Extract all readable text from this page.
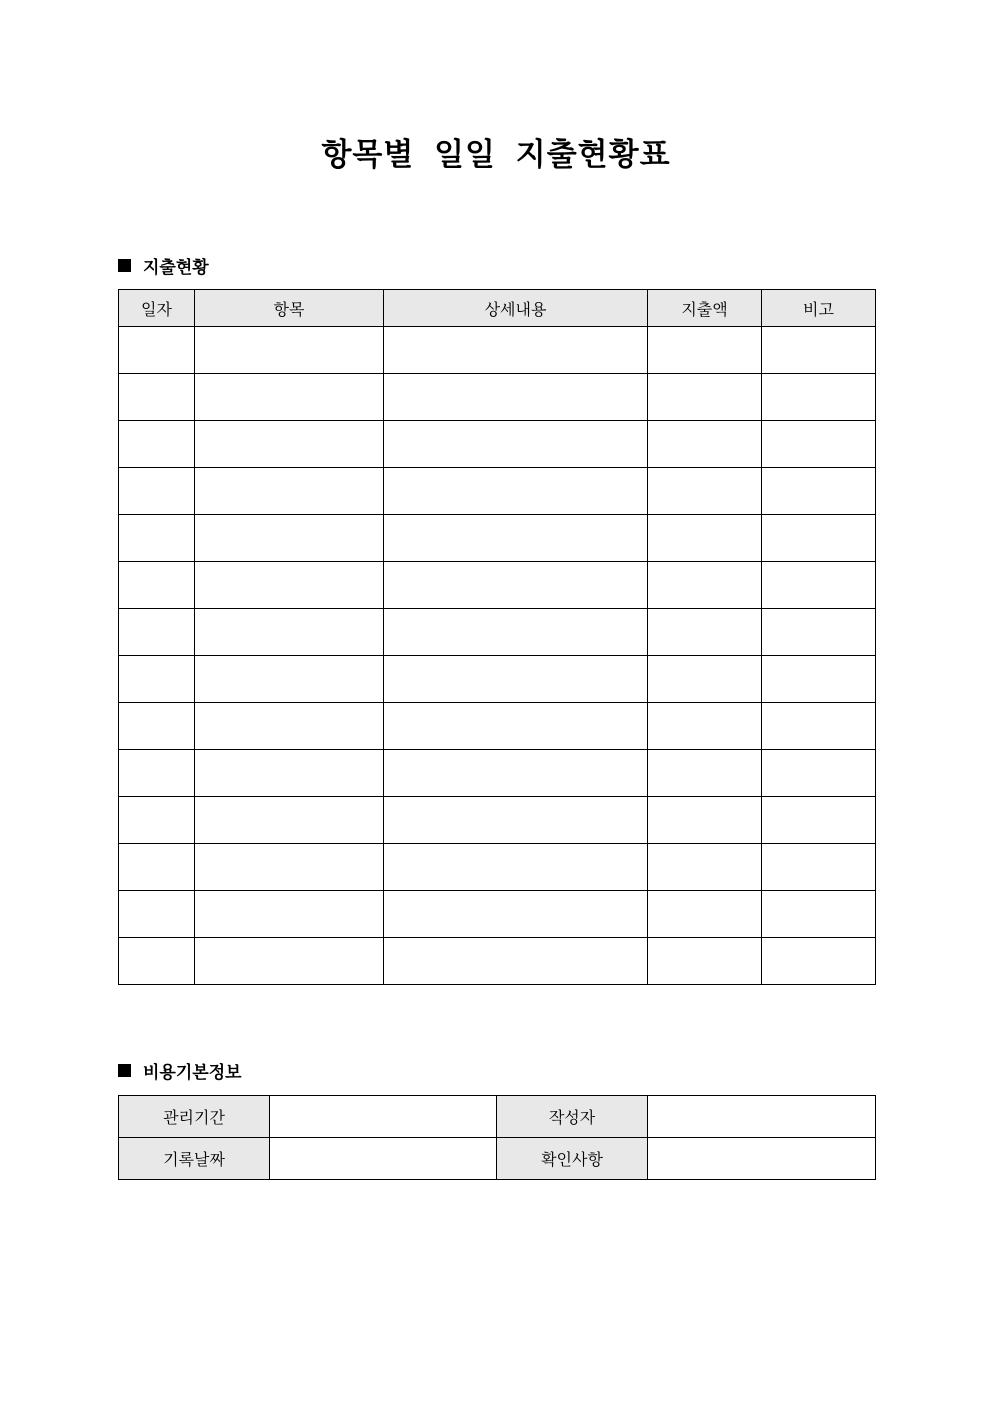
항목별 일일 지출현황표
지출현황
일자	항목	상세내용	지출액	비고

비용기본정보
관리기간		작성자	
기록날짜		확인사항	
